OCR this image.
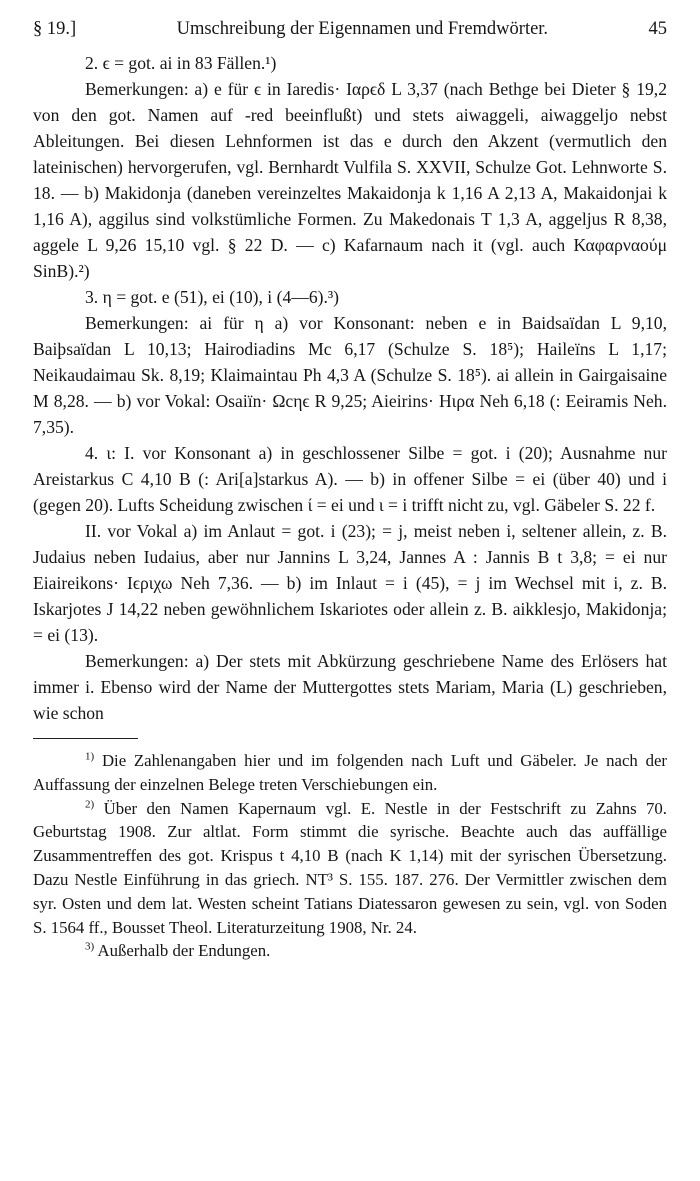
§ 19.]	Umschreibung der Eigennamen und Fremdwörter.	45

2. ϵ = got. ai in 83 Fällen.¹)

Bemerkungen: a) e für ϵ in Iaredis· Iαρϵδ L 3,37 (nach Bethge bei Dieter § 19,2 von den got. Namen auf -red beeinflußt) und stets aiwaggeli, aiwaggeljo nebst Ableitungen. Bei diesen Lehnformen ist das e durch den Akzent (vermutlich den lateinischen) hervorgerufen, vgl. Bernhardt Vulfila S. XXVII, Schulze Got. Lehnworte S. 18. — b) Makidonja (daneben vereinzeltes Makaidonja k 1,16 A 2,13 A, Makaidonjai k 1,16 A), aggilus sind volkstümliche Formen. Zu Makedonais T 1,3 A, aggeljus R 8,38, aggele L 9,26 15,10 vgl. § 22 D. — c) Kafarnaum nach it (vgl. auch Καφαρναούμ SinB).²)

3. η = got. e (51), ei (10), i (4—6).³)

Bemerkungen: ai für η a) vor Konsonant: neben e in Baidsaïdan L 9,10, Baiþsaïdan L 10,13; Hairodiadins Mc 6,17 (Schulze S. 18⁵); Haileïns L 1,17; Neikaudaimau Sk. 8,19; Klaimaintau Ph 4,3 A (Schulze S. 18⁵). ai allein in Gairgaisaine M 8,28. — b) vor Vokal: Osaiïn· Ωcηϵ R 9,25; Aieirins· Ηιρα Neh 6,18 (: Eeiramis Neh. 7,35).

4. ι: I. vor Konsonant a) in geschlossener Silbe = got. i (20); Ausnahme nur Areistarkus C 4,10 B (: Ari[a]starkus A). — b) in offener Silbe = ei (über 40) und i (gegen 20). Lufts Scheidung zwischen ί = ei und ι = i trifft nicht zu, vgl. Gäbeler S. 22 f.

II. vor Vokal a) im Anlaut = got. i (23); = j, meist neben i, seltener allein, z. B. Judaius neben Iudaius, aber nur Jannins L 3,24, Jannes A : Jannis B t 3,8; = ei nur Eiaireikons· Ιϵριχω Neh 7,36. — b) im Inlaut = i (45), = j im Wechsel mit i, z. B. Iskarjotes J 14,22 neben gewöhnlichem Iskariotes oder allein z. B. aikklesjo, Makidonja; = ei (13).

Bemerkungen: a) Der stets mit Abkürzung geschriebene Name des Erlösers hat immer i. Ebenso wird der Name der Muttergottes stets Mariam, Maria (L) geschrieben, wie schon

$^{1)}$ Die Zahlenangaben hier und im folgenden nach Luft und Gäbeler. Je nach der Auffassung der einzelnen Belege treten Verschiebungen ein.

$^{2)}$ Über den Namen Kapernaum vgl. E. Nestle in der Festschrift zu Zahns 70. Geburtstag 1908. Zur altlat. Form stimmt die syrische. Beachte auch das auffällige Zusammentreffen des got. Krispus t 4,10 B (nach K 1,14) mit der syrischen Übersetzung. Dazu Nestle Einführung in das griech. NT³ S. 155. 187. 276. Der Vermittler zwischen dem syr. Osten und dem lat. Westen scheint Tatians Diatessaron gewesen zu sein, vgl. von Soden S. 1564 ff., Bousset Theol. Literaturzeitung 1908, Nr. 24.

$^{3)}$ Außerhalb der Endungen.
